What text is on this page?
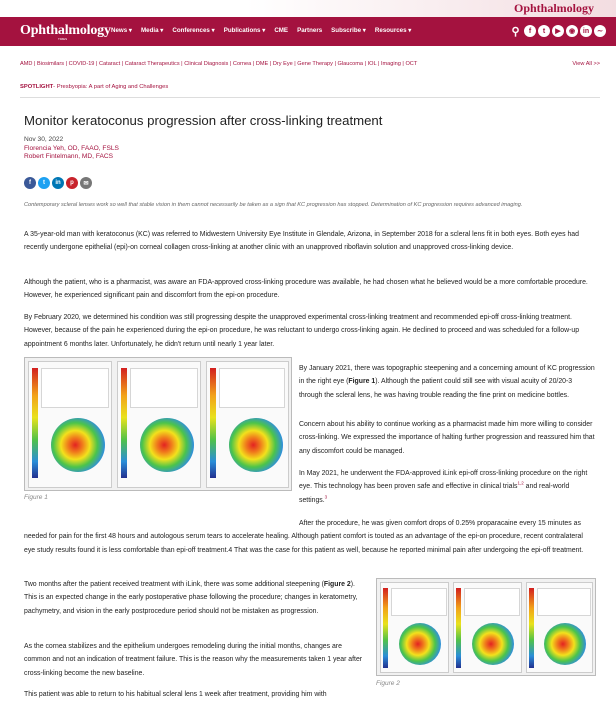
Ophthalmology
Ophthalmology
TIMES
News ▾ Media ▾ Conferences ▾ Publications ▾ CME Partners Subscribe ▾ Resources ▾	⚲	f	t	▶	◉	in	∼
AMD | Biosimilars | COVID-19 | Cataract | Cataract Therapeutics | Clinical Diagnosis | Cornea | DME | Dry Eye | Gene Therapy | Glaucoma | IOL | Imaging | OCT	View All >>
SPOTLIGHT- Presbyopia: A part of Aging and Challenges
Monitor keratoconus progression after cross-linking treatment
Nov 30, 2022
Florencia Yeh, OD, FAAO, FSLS
Robert Fintelmann, MD, FACS
f	t	in	p	✉

Contemporary scleral lenses work so well that stable vision in them cannot necessarily be taken as a sign that KC progression has stopped. Determination of KC progression requires advanced imaging.

A 35-year-old man with keratoconus (KC) was referred to Midwestern University Eye Institute in Glendale, Arizona, in September 2018 for a scleral lens fit in both eyes. Both eyes had recently undergone epithelial (epi)-on corneal collagen cross-linking at another clinic with an unapproved riboflavin solution and unapproved cross-linking device.

Although the patient, who is a pharmacist, was aware an FDA-approved cross-linking procedure was available, he had chosen what he believed would be a more comfortable procedure. However, he experienced significant pain and discomfort from the epi-on procedure.

By February 2020, we determined his condition was still progressing despite the unapproved experimental cross-linking treatment and recommended epi-off cross-linking treatment. However, because of the pain he experienced during the epi-on procedure, he was reluctant to undergo cross-linking again. He declined to proceed and was scheduled for a follow-up appointment 6 months later. Unfortunately, he didn't return until nearly 1 year later.

Figure 1

By January 2021, there was topographic steepening and a concerning amount of KC progression in the right eye (Figure 1). Although the patient could still see with visual acuity of 20/20-3 through the scleral lens, he was having trouble reading the fine print on medicine bottles.

Concern about his ability to continue working as a pharmacist made him more willing to consider cross-linking. We expressed the importance of halting further progression and reassured him that any discomfort could be managed.

In May 2021, he underwent the FDA-approved iLink epi-off cross-linking procedure on the right eye. This technology has been proven safe and effective in clinical trials$^{1,2}$ and real-world settings.$^3$

After the procedure, he was given comfort drops of 0.25% proparacaine every 15 minutes as needed for pain for the first 48 hours and autologous serum tears to accelerate healing. Although patient comfort is touted as an advantage of the epi-on procedure, recent contralateral eye study results found it is less comfortable than epi-off treatment.4 That was the case for this patient as well, because he reported minimal pain after undergoing the epi-off treatment.

Two months after the patient received treatment with iLink, there was some additional steepening (Figure 2). This is an expected change in the early postoperative phase following the procedure; changes in keratometry, pachymetry, and vision in the early postprocedure period should not be mistaken as progression.

As the cornea stabilizes and the epithelium undergoes remodeling during the initial months, changes are common and not an indication of treatment failure. This is the reason why the measurements taken 1 year after cross-linking become the new baseline.

This patient was able to return to his habitual scleral lens 1 week after treatment, providing him with

Figure 2
